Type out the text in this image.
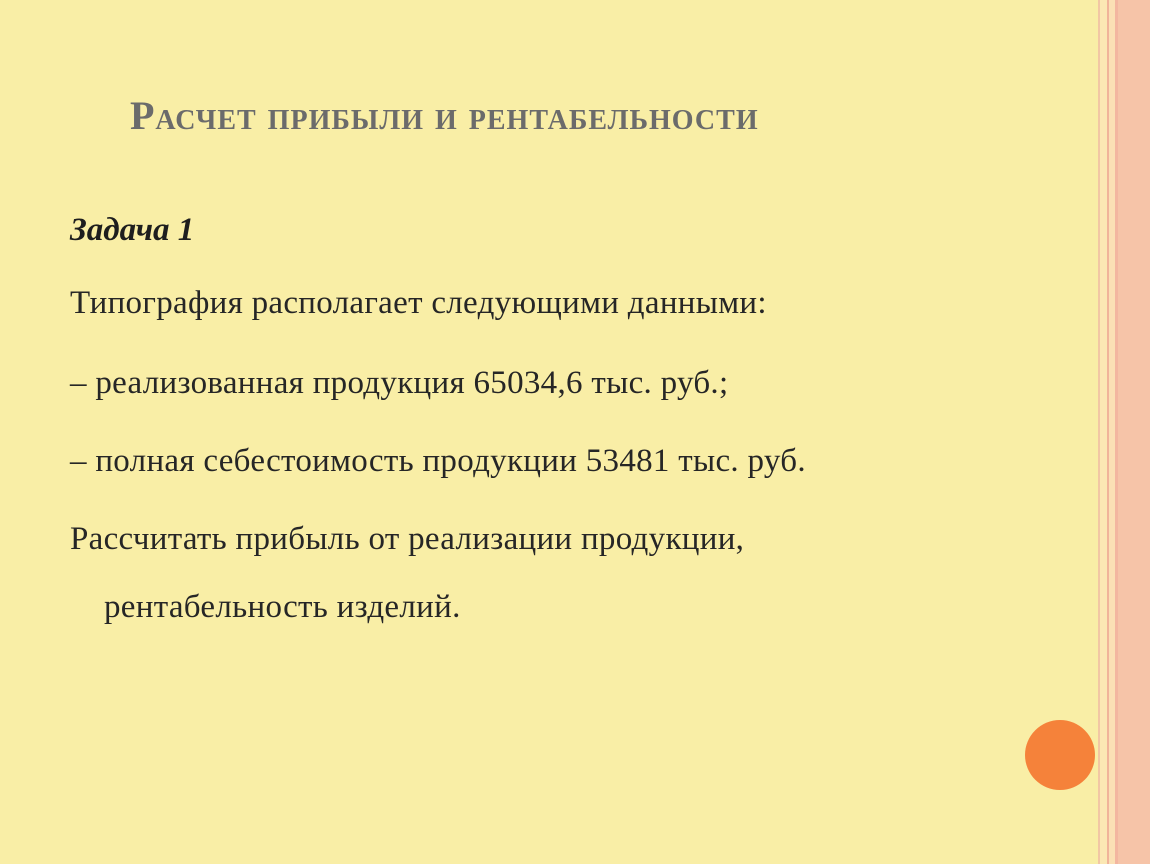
Расчет прибыли и рентабельности
Задача 1
Типография располагает следующими данными:
– реализованная продукция 65034,6 тыс. руб.;
– полная себестоимость продукции 53481 тыс. руб.
Рассчитать прибыль от реализации продукции,
рентабельность изделий.
